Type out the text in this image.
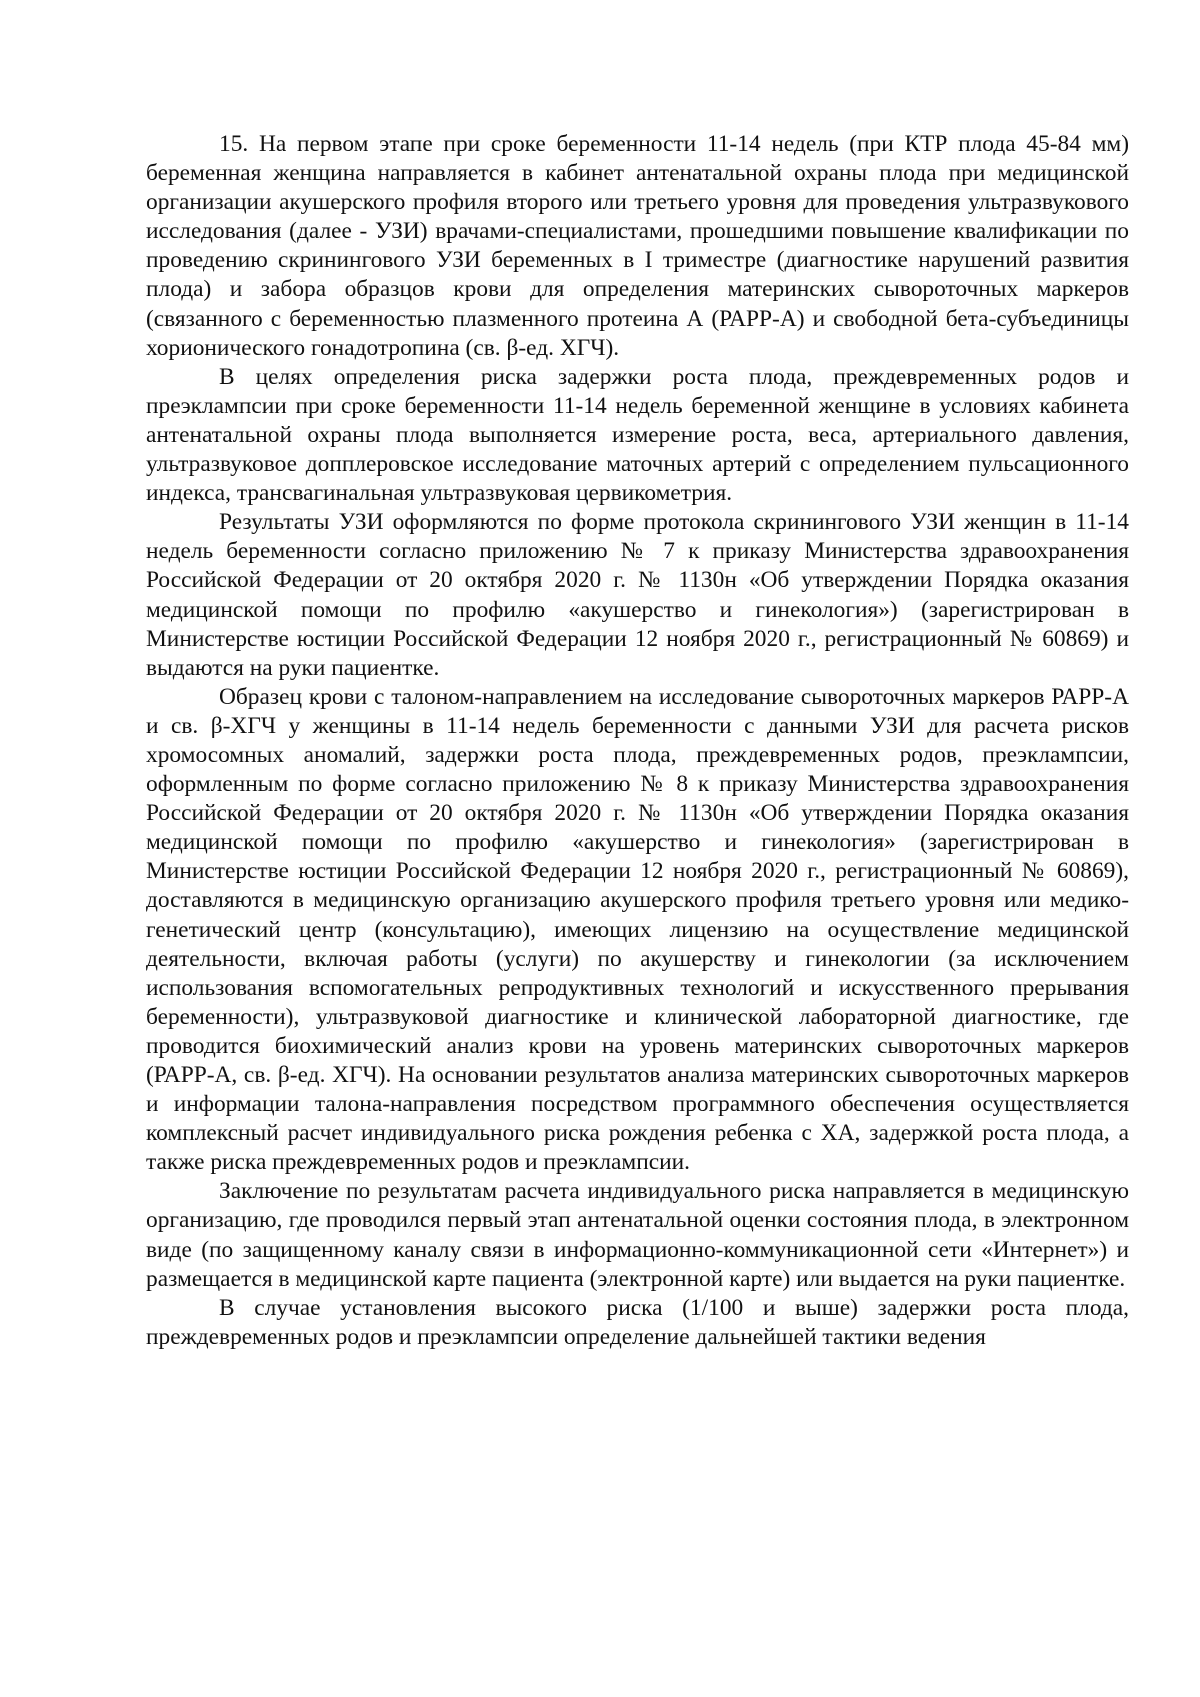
15. На первом этапе при сроке беременности 11-14 недель (при КТР плода 45-84 мм) беременная женщина направляется в кабинет антенатальной охраны плода при медицинской организации акушерского профиля второго или третьего уровня для проведения ультразвукового исследования (далее - УЗИ) врачами-специалистами, прошедшими повышение квалификации по проведению скринингового УЗИ беременных в I триместре (диагностике нарушений развития плода) и забора образцов крови для определения материнских сывороточных маркеров (связанного с беременностью плазменного протеина А (РАРР-А) и свободной бета-субъединицы хорионического гонадотропина (св. β-ед. ХГЧ).

В целях определения риска задержки роста плода, преждевременных родов и преэклампсии при сроке беременности 11-14 недель беременной женщине в условиях кабинета антенатальной охраны плода выполняется измерение роста, веса, артериального давления, ультразвуковое допплеровское исследование маточных артерий с определением пульсационного индекса, трансвагинальная ультразвуковая цервикометрия.

Результаты УЗИ оформляются по форме протокола скринингового УЗИ женщин в 11-14 недель беременности согласно приложению № 7 к приказу Министерства здравоохранения Российской Федерации от 20 октября 2020 г. № 1130н «Об утверждении Порядка оказания медицинской помощи по профилю «акушерство и гинекология») (зарегистрирован в Министерстве юстиции Российской Федерации 12 ноября 2020 г., регистрационный № 60869) и выдаются на руки пациентке.

Образец крови с талоном-направлением на исследование сывороточных маркеров РАРР-А и св. β-ХГЧ у женщины в 11-14 недель беременности с данными УЗИ для расчета рисков хромосомных аномалий, задержки роста плода, преждевременных родов, преэклампсии, оформленным по форме согласно приложению № 8 к приказу Министерства здравоохранения Российской Федерации от 20 октября 2020 г. № 1130н «Об утверждении Порядка оказания медицинской помощи по профилю «акушерство и гинекология» (зарегистрирован в Министерстве юстиции Российской Федерации 12 ноября 2020 г., регистрационный № 60869), доставляются в медицинскую организацию акушерского профиля третьего уровня или медико-генетический центр (консультацию), имеющих лицензию на осуществление медицинской деятельности, включая работы (услуги) по акушерству и гинекологии (за исключением использования вспомогательных репродуктивных технологий и искусственного прерывания беременности), ультразвуковой диагностике и клинической лабораторной диагностике, где проводится биохимический анализ крови на уровень материнских сывороточных маркеров (РАРР-А, св. β-ед. ХГЧ). На основании результатов анализа материнских сывороточных маркеров и информации талона-направления посредством программного обеспечения осуществляется комплексный расчет индивидуального риска рождения ребенка с ХА, задержкой роста плода, а также риска преждевременных родов и преэклампсии.

Заключение по результатам расчета индивидуального риска направляется в медицинскую организацию, где проводился первый этап антенатальной оценки состояния плода, в электронном виде (по защищенному каналу связи в информационно-коммуникационной сети «Интернет») и размещается в медицинской карте пациента (электронной карте) или выдается на руки пациентке.

В случае установления высокого риска (1/100 и выше) задержки роста плода, преждевременных родов и преэклампсии определение дальнейшей тактики ведения
